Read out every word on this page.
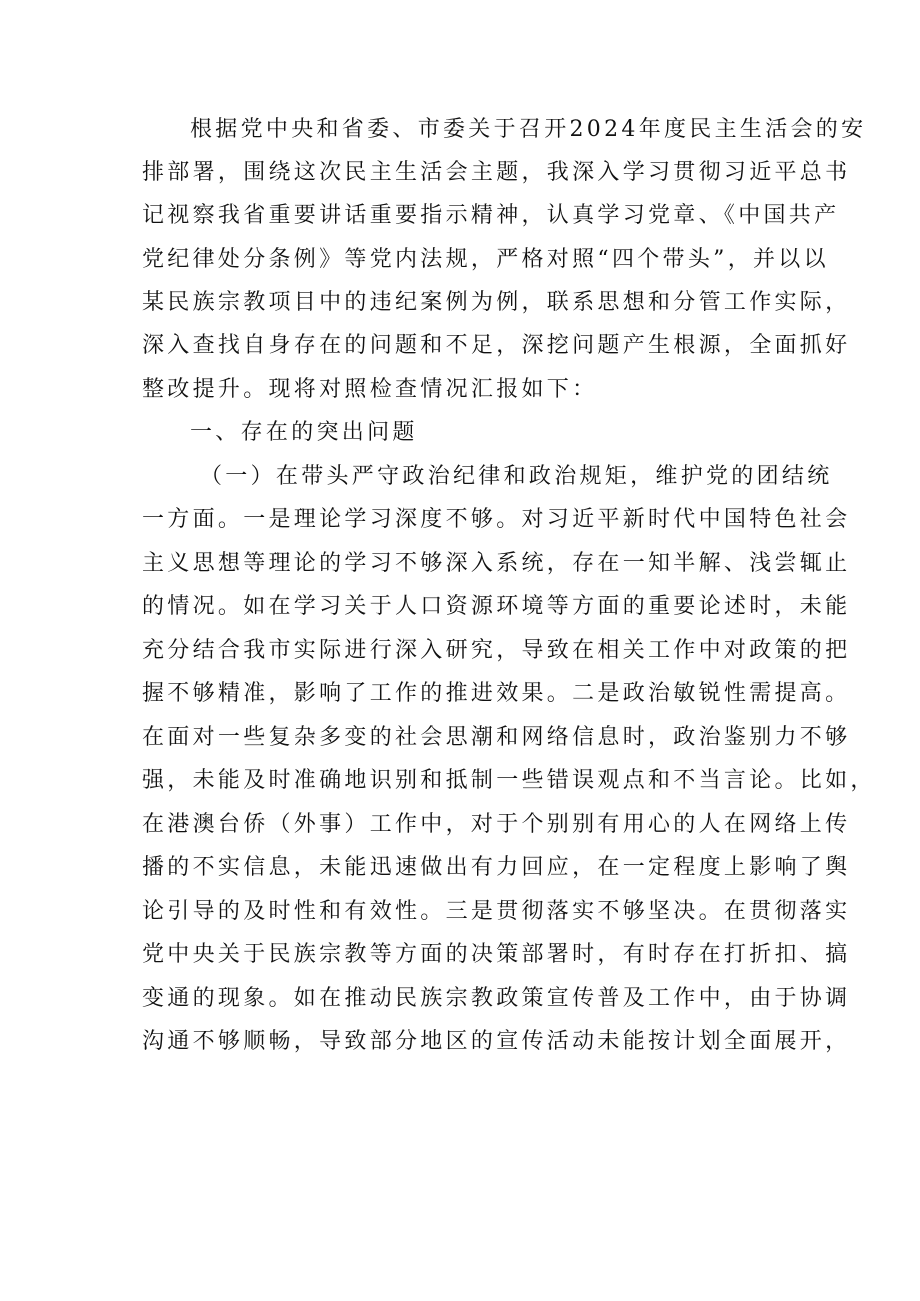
根据党中央和省委、市委关于召开2024年度民主生活会的安
排部署，围绕这次民主生活会主题，我深入学习贯彻习近平总书
记视察我省重要讲话重要指示精神，认真学习党章、《中国共产
党纪律处分条例》等党内法规，严格对照“四个带头”，并以以
某民族宗教项目中的违纪案例为例，联系思想和分管工作实际，
深入查找自身存在的问题和不足，深挖问题产生根源，全面抓好
整改提升。现将对照检查情况汇报如下：
一、存在的突出问题
（一）在带头严守政治纪律和政治规矩，维护党的团结统
一方面。一是理论学习深度不够。对习近平新时代中国特色社会
主义思想等理论的学习不够深入系统，存在一知半解、浅尝辄止
的情况。如在学习关于人口资源环境等方面的重要论述时，未能
充分结合我市实际进行深入研究，导致在相关工作中对政策的把
握不够精准，影响了工作的推进效果。二是政治敏锐性需提高。
在面对一些复杂多变的社会思潮和网络信息时，政治鉴别力不够
强，未能及时准确地识别和抵制一些错误观点和不当言论。比如，
在港澳台侨（外事）工作中，对于个别别有用心的人在网络上传
播的不实信息，未能迅速做出有力回应，在一定程度上影响了舆
论引导的及时性和有效性。三是贯彻落实不够坚决。在贯彻落实
党中央关于民族宗教等方面的决策部署时，有时存在打折扣、搞
变通的现象。如在推动民族宗教政策宣传普及工作中，由于协调
沟通不够顺畅，导致部分地区的宣传活动未能按计划全面展开，
